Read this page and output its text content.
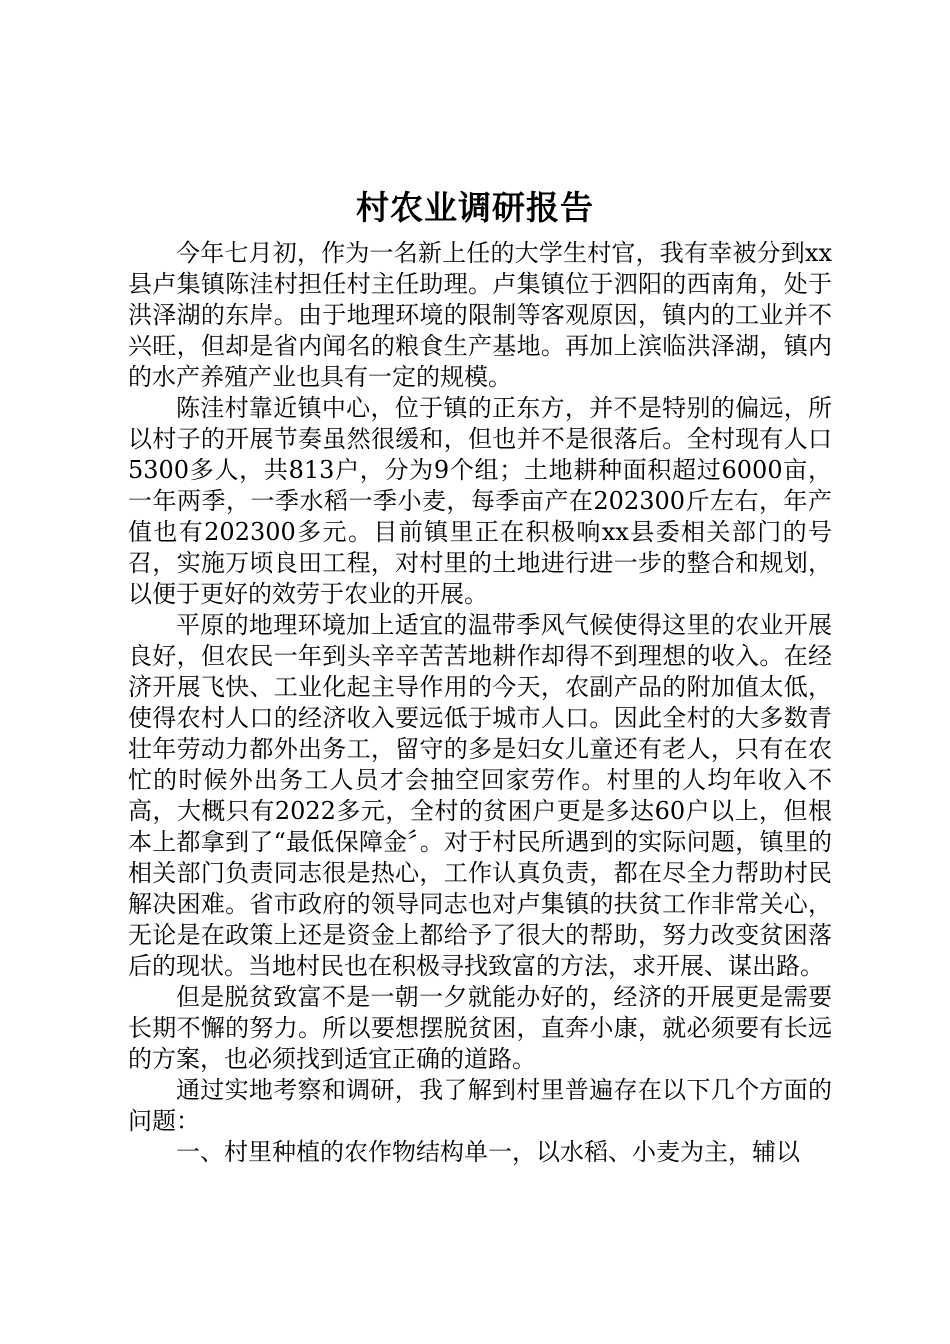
村农业调研报告

今年七月初，作为一名新上任的大学生村官，我有幸被分到xx县卢集镇陈洼村担任村主任助理。卢集镇位于泗阳的西南角，处于洪泽湖的东岸。由于地理环境的限制等客观原因，镇内的工业并不兴旺，但却是省内闻名的粮食生产基地。再加上滨临洪泽湖，镇内的水产养殖产业也具有一定的规模。

陈洼村靠近镇中心，位于镇的正东方，并不是特别的偏远，所以村子的开展节奏虽然很缓和，但也并不是很落后。全村现有人口5300多人，共813户，分为9个组；土地耕种面积超过6000亩，一年两季，一季水稻一季小麦，每季亩产在202300斤左右，年产值也有202300多元。目前镇里正在积极响xx县委相关部门的号召，实施万顷良田工程，对村里的土地进行进一步的整合和规划，以便于更好的效劳于农业的开展。

平原的地理环境加上适宜的温带季风气候使得这里的农业开展良好，但农民一年到头辛辛苦苦地耕作却得不到理想的收入。在经济开展飞快、工业化起主导作用的今天，农副产品的附加值太低，使得农村人口的经济收入要远低于城市人口。因此全村的大多数青壮年劳动力都外出务工，留守的多是妇女儿童还有老人，只有在农忙的时候外出务工人员才会抽空回家劳作。村里的人均年收入不高，大概只有2022多元，全村的贫困户更是多达60户以上，但根本上都拿到了“最低保障金〞。对于村民所遇到的实际问题，镇里的相关部门负责同志很是热心，工作认真负责，都在尽全力帮助村民解决困难。省市政府的领导同志也对卢集镇的扶贫工作非常关心，无论是在政策上还是资金上都给予了很大的帮助，努力改变贫困落后的现状。当地村民也在积极寻找致富的方法，求开展、谋出路。

但是脱贫致富不是一朝一夕就能办好的，经济的开展更是需要长期不懈的努力。所以要想摆脱贫困，直奔小康，就必须要有长远的方案，也必须找到适宜正确的道路。

通过实地考察和调研，我了解到村里普遍存在以下几个方面的问题：

一、村里种植的农作物结构单一，以水稻、小麦为主，辅以
